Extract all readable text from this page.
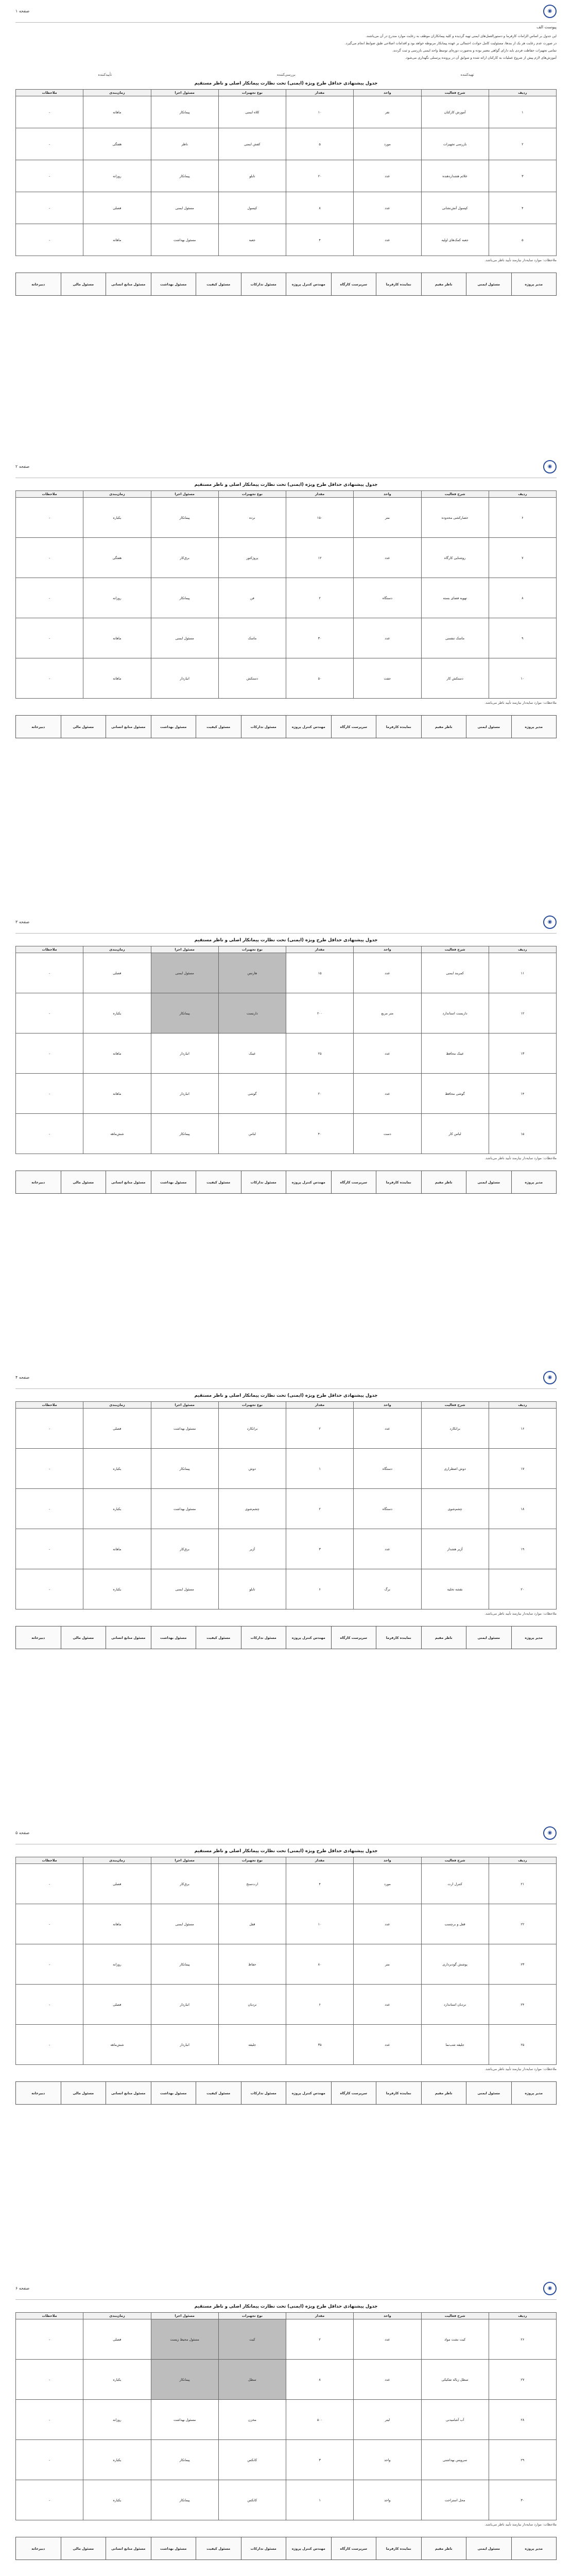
◉
صفحه ۱
پیوست الف

این جدول بر اساس الزامات کارفرما و دستورالعمل‌های ایمنی تهیه گردیده و کلیه پیمانکاران موظف به رعایت موارد مندرج در آن می‌باشند.

در صورت عدم رعایت هر یک از بندها، مسئولیت کامل حوادث احتمالی بر عهده پیمانکار مربوطه خواهد بود و اقدامات اصلاحی طبق ضوابط انجام می‌گیرد.

تمامی تجهیزات حفاظت فردی باید دارای گواهی معتبر بوده و به‌صورت دوره‌ای توسط واحد ایمنی بازرسی و ثبت گردند.

آموزش‌های لازم پیش از شروع عملیات به کارکنان ارائه شده و سوابق آن در پرونده پرسنلی نگهداری می‌شود.

تهیه‌کننده
بررسی‌کننده
تأییدکننده
جدول پیشنهادی حداقل طرح ویژه (ایمنی) تحت نظارت پیمانکار اصلی و ناظر مستقیم
ردیف	شرح فعالیت	واحد	مقدار	نوع تجهیزات	مسئول اجرا	زمان‌بندی	ملاحظات
۱	آموزش کارکنان	نفر	۱۰	کلاه ایمنی	پیمانکار	ماهانه	-
۲	بازرسی تجهیزات	مورد	۵	کفش ایمنی	ناظر	هفتگی	-
۳	علائم هشداردهنده	عدد	۲۰	تابلو	پیمانکار	روزانه	-
۴	کپسول آتش‌نشانی	عدد	۸	کپسول	مسئول ایمنی	فصلی	-
۵	جعبه کمک‌های اولیه	عدد	۴	جعبه	مسئول بهداشت	ماهانه	-
ملاحظات: موارد سایه‌دار نیازمند تأیید ناظر می‌باشد.
مدیر پروژه	مسئول ایمنی	ناظر مقیم	نماینده کارفرما	سرپرست کارگاه	مهندس کنترل پروژه	مسئول تدارکات	مسئول کیفیت	مسئول بهداشت	مسئول منابع انسانی	مسئول مالی	دبیرخانه
◉
صفحه ۲
جدول پیشنهادی حداقل طرح ویژه (ایمنی) تحت نظارت پیمانکار اصلی و ناظر مستقیم
ردیف	شرح فعالیت	واحد	مقدار	نوع تجهیزات	مسئول اجرا	زمان‌بندی	ملاحظات
۶	حصارکشی محدوده	متر	۱۵۰	نرده	پیمانکار	یکباره	-
۷	روشنایی کارگاه	عدد	۱۲	پروژکتور	برق‌کار	هفتگی	-
۸	تهویه فضای بسته	دستگاه	۲	فن	پیمانکار	روزانه	-
۹	ماسک تنفسی	عدد	۳۰	ماسک	مسئول ایمنی	ماهانه	-
۱۰	دستکش کار	جفت	۵۰	دستکش	انباردار	ماهانه	-
ملاحظات: موارد سایه‌دار نیازمند تأیید ناظر می‌باشد.
مدیر پروژه	مسئول ایمنی	ناظر مقیم	نماینده کارفرما	سرپرست کارگاه	مهندس کنترل پروژه	مسئول تدارکات	مسئول کیفیت	مسئول بهداشت	مسئول منابع انسانی	مسئول مالی	دبیرخانه
◉
صفحه ۳
جدول پیشنهادی حداقل طرح ویژه (ایمنی) تحت نظارت پیمانکار اصلی و ناظر مستقیم
ردیف	شرح فعالیت	واحد	مقدار	نوع تجهیزات	مسئول اجرا	زمان‌بندی	ملاحظات
۱۱	کمربند ایمنی	عدد	۱۵	هارنس	مسئول ایمنی	فصلی	-
۱۲	داربست استاندارد	متر مربع	۲۰۰	داربست	پیمانکار	یکباره	-
۱۳	عینک محافظ	عدد	۲۵	عینک	انباردار	ماهانه	-
۱۴	گوشی محافظ	عدد	۲۰	گوشی	انباردار	ماهانه	-
۱۵	لباس کار	دست	۴۰	لباس	پیمانکار	شش‌ماهه	-
ملاحظات: موارد سایه‌دار نیازمند تأیید ناظر می‌باشد.
مدیر پروژه	مسئول ایمنی	ناظر مقیم	نماینده کارفرما	سرپرست کارگاه	مهندس کنترل پروژه	مسئول تدارکات	مسئول کیفیت	مسئول بهداشت	مسئول منابع انسانی	مسئول مالی	دبیرخانه
◉
صفحه ۴
جدول پیشنهادی حداقل طرح ویژه (ایمنی) تحت نظارت پیمانکار اصلی و ناظر مستقیم
ردیف	شرح فعالیت	واحد	مقدار	نوع تجهیزات	مسئول اجرا	زمان‌بندی	ملاحظات
۱۶	برانکارد	عدد	۲	برانکارد	مسئول بهداشت	فصلی	-
۱۷	دوش اضطراری	دستگاه	۱	دوش	پیمانکار	یکباره	-
۱۸	چشم‌شوی	دستگاه	۲	چشم‌شوی	مسئول بهداشت	یکباره	-
۱۹	آژیر هشدار	عدد	۳	آژیر	برق‌کار	ماهانه	-
۲۰	نقشه تخلیه	برگ	۶	تابلو	مسئول ایمنی	یکباره	-
ملاحظات: موارد سایه‌دار نیازمند تأیید ناظر می‌باشد.
مدیر پروژه	مسئول ایمنی	ناظر مقیم	نماینده کارفرما	سرپرست کارگاه	مهندس کنترل پروژه	مسئول تدارکات	مسئول کیفیت	مسئول بهداشت	مسئول منابع انسانی	مسئول مالی	دبیرخانه
◉
صفحه ۵
جدول پیشنهادی حداقل طرح ویژه (ایمنی) تحت نظارت پیمانکار اصلی و ناظر مستقیم
ردیف	شرح فعالیت	واحد	مقدار	نوع تجهیزات	مسئول اجرا	زمان‌بندی	ملاحظات
۲۱	کنترل ارت	مورد	۴	ارت‌سنج	برق‌کار	فصلی	-
۲۲	قفل و برچسب	عدد	۱۰	قفل	مسئول ایمنی	ماهانه	-
۲۳	پوشش گودبرداری	متر	۸۰	حفاظ	پیمانکار	روزانه	-
۲۴	نردبان استاندارد	عدد	۶	نردبان	انباردار	فصلی	-
۲۵	جلیقه شب‌نما	عدد	۳۵	جلیقه	انباردار	شش‌ماهه	-
ملاحظات: موارد سایه‌دار نیازمند تأیید ناظر می‌باشد.
مدیر پروژه	مسئول ایمنی	ناظر مقیم	نماینده کارفرما	سرپرست کارگاه	مهندس کنترل پروژه	مسئول تدارکات	مسئول کیفیت	مسئول بهداشت	مسئول منابع انسانی	مسئول مالی	دبیرخانه
◉
صفحه ۶
جدول پیشنهادی حداقل طرح ویژه (ایمنی) تحت نظارت پیمانکار اصلی و ناظر مستقیم
ردیف	شرح فعالیت	واحد	مقدار	نوع تجهیزات	مسئول اجرا	زمان‌بندی	ملاحظات
۲۶	کیت نشت مواد	عدد	۲	کیت	مسئول محیط زیست	فصلی	-
۲۷	سطل زباله تفکیکی	عدد	۸	سطل	پیمانکار	یکباره	-
۲۸	آب آشامیدنی	لیتر	۵۰۰	مخزن	مسئول بهداشت	روزانه	-
۲۹	سرویس بهداشتی	واحد	۳	کانکس	پیمانکار	یکباره	-
۳۰	محل استراحت	واحد	۱	کانکس	پیمانکار	یکباره	-
ملاحظات: موارد سایه‌دار نیازمند تأیید ناظر می‌باشد.
مدیر پروژه	مسئول ایمنی	ناظر مقیم	نماینده کارفرما	سرپرست کارگاه	مهندس کنترل پروژه	مسئول تدارکات	مسئول کیفیت	مسئول بهداشت	مسئول منابع انسانی	مسئول مالی	دبیرخانه
